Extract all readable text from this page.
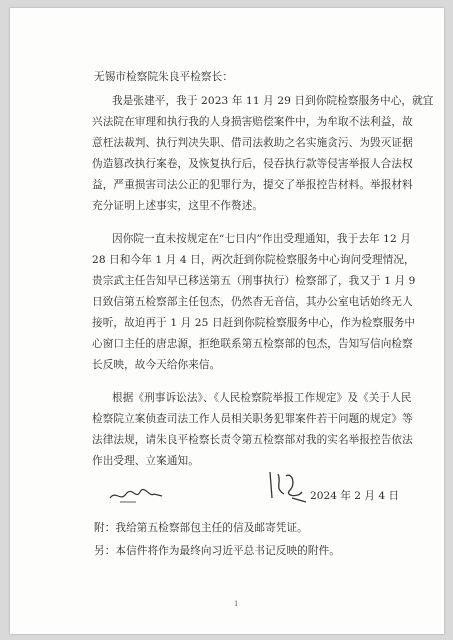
无锡市检察院朱良平检察长：
我是张建平，我于 2023 年 11 月 29 日到你院检察服务中心，就宜
兴法院在审理和执行我的人身损害赔偿案件中，为牟取不法利益，故
意枉法裁判、执行判决失职、借司法救助之名实施贪污、为毁灭证据
伪造篡改执行案卷，及恢复执行后，侵吞执行款等侵害举报人合法权
益，严重损害司法公正的犯罪行为，提交了举报控告材料。举报材料
充分证明上述事实，这里不作赘述。
因你院一直未按规定在“七日内”作出受理通知，我于去年 12 月
28 日和今年 1 月 4 日，两次赶到你院检察服务中心询问受理情况，
贵宗武主任告知早已移送第五（刑事执行）检察部了，我又于 1 月 9
日致信第五检察部主任包杰，仍然杳无音信，其办公室电话始终无人
接听，故迫再于 1 月 25 日赶到你院检察服务中心，作为检察服务中
心窗口主任的唐忠源，拒绝联系第五检察部的包杰，告知写信向检察
长反映，故今天给你来信。
根据《刑事诉讼法》、《人民检察院举报工作规定》及《关于人民
检察院立案侦查司法工作人员相关职务犯罪案件若干问题的规定》等
法律法规，请朱良平检察长责令第五检察部对我的实名举报控告依法
作出受理、立案通知。
2024 年 2 月 4 日
附：我给第五检察部包主任的信及邮寄凭证。
另：本信件将作为最终向习近平总书记反映的附件。
1
